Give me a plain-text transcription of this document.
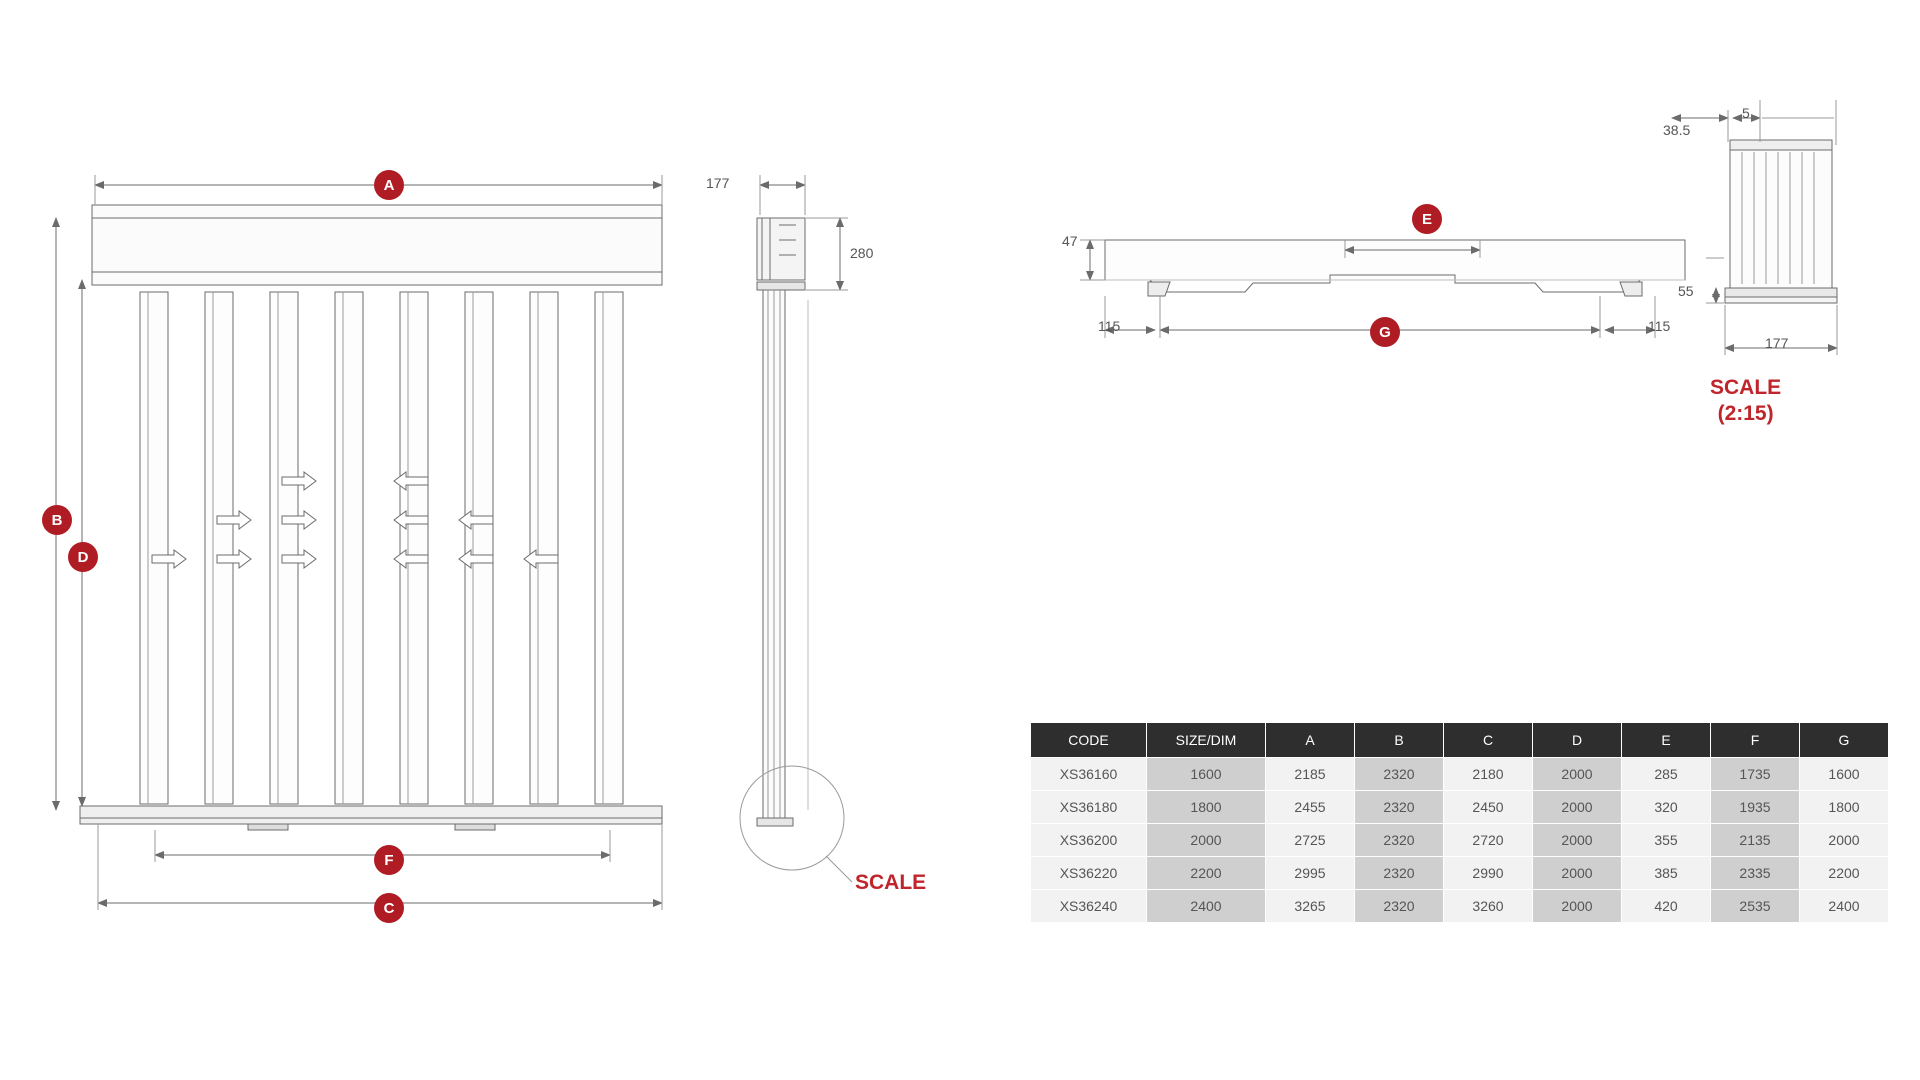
A
B
D
F
C
177
280
SCALE
E
G
47
115	115
38.5
5
55
177
SCALE
(2:15)
CODE	SIZE/DIM	A	B	C	D	E	F	G
XS36160	1600	2185	2320	2180	2000	285	1735	1600
XS36180	1800	2455	2320	2450	2000	320	1935	1800
XS36200	2000	2725	2320	2720	2000	355	2135	2000
XS36220	2200	2995	2320	2990	2000	385	2335	2200
XS36240	2400	3265	2320	3260	2000	420	2535	2400
